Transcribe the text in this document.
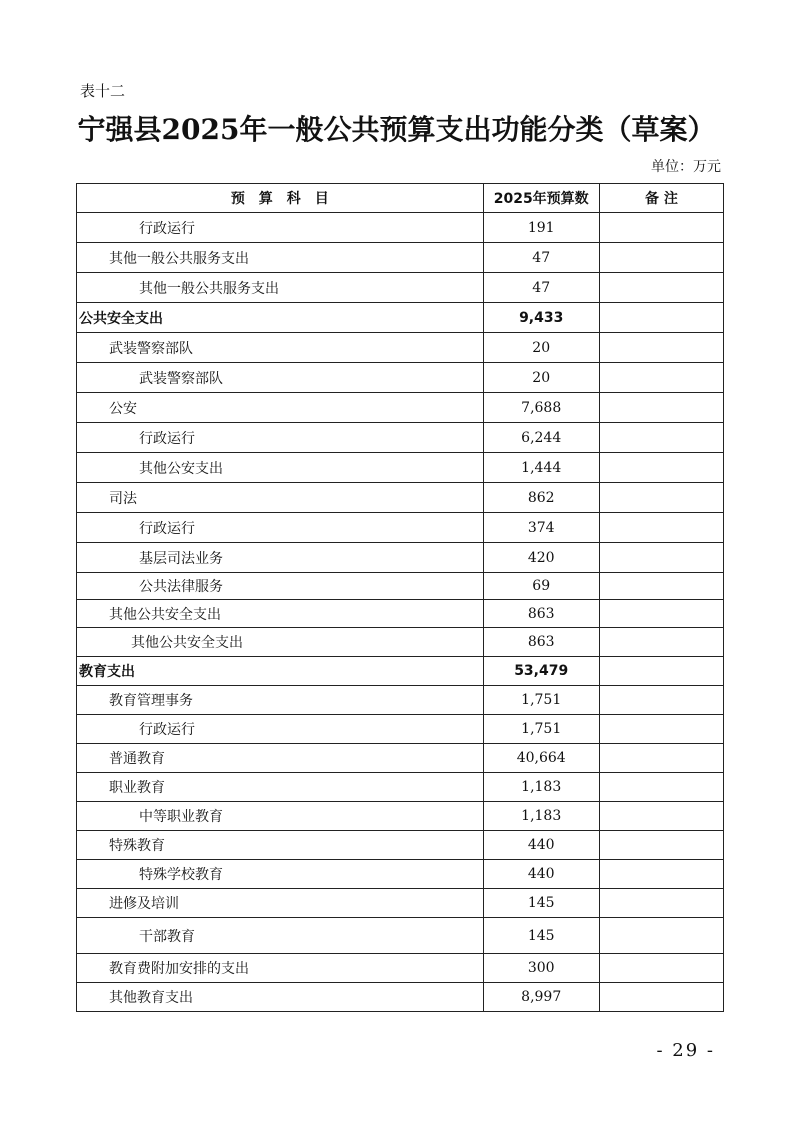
表十二
宁强县2025年一般公共预算支出功能分类（草案）
单位：万元
预　算　科　目	2025年预算数	备 注
行政运行	191	
其他一般公共服务支出	47	
其他一般公共服务支出	47	
公共安全支出	9,433	
武装警察部队	20	
武装警察部队	20	
公安	7,688	
行政运行	6,244	
其他公安支出	1,444	
司法	862	
行政运行	374	
基层司法业务	420	
公共法律服务	69	
其他公共安全支出	863	
其他公共安全支出	863	
教育支出	53,479	
教育管理事务	1,751	
行政运行	1,751	
普通教育	40,664	
职业教育	1,183	
中等职业教育	1,183	
特殊教育	440	
特殊学校教育	440	
进修及培训	145	
干部教育	145	
教育费附加安排的支出	300	
其他教育支出	8,997	
- 29 -
